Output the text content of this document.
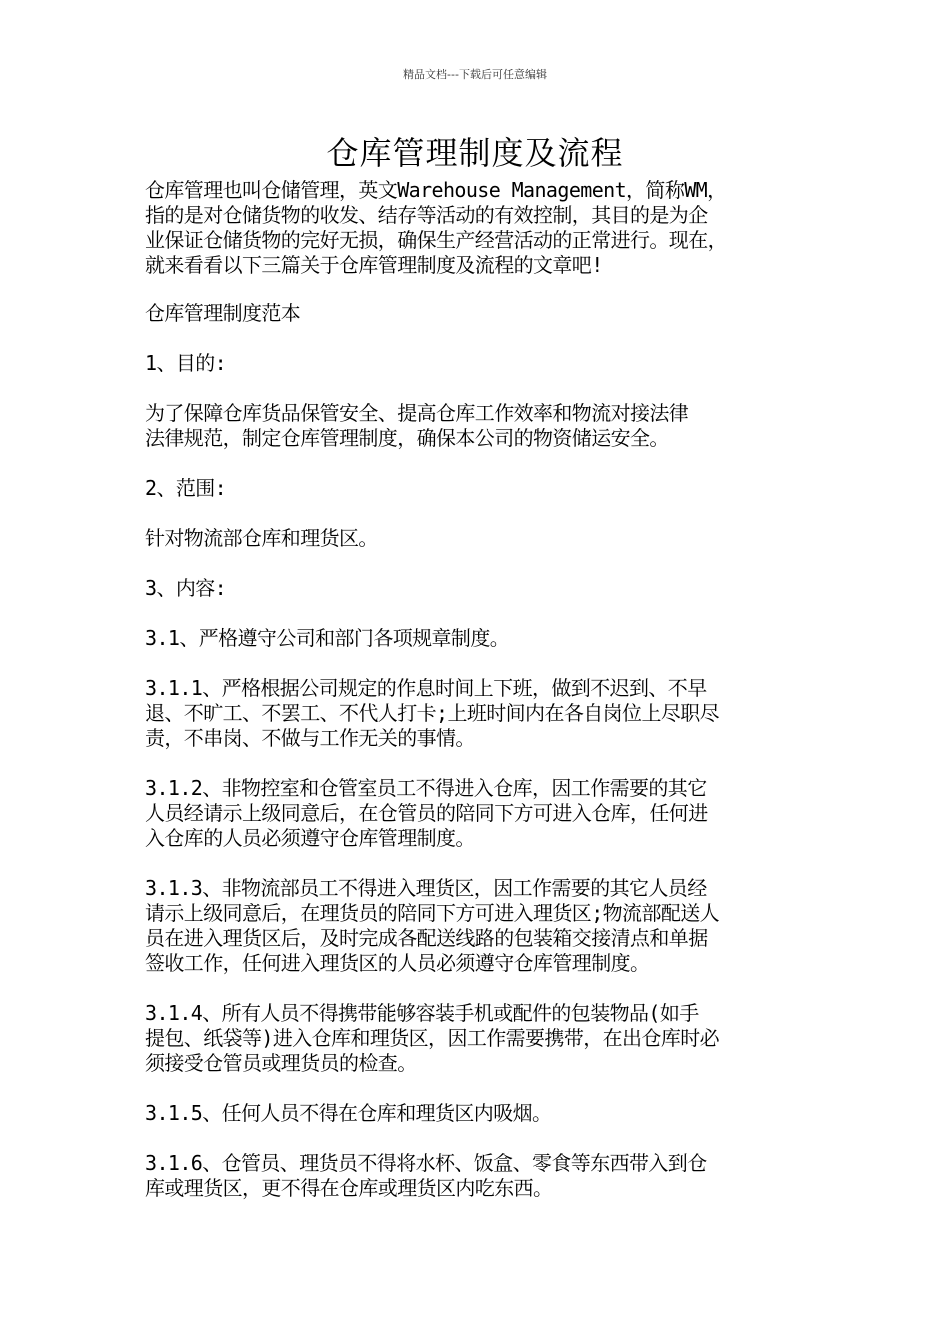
精品文档---下载后可任意编辑
仓库管理制度及流程
仓库管理也叫仓储管理，英文Warehouse Management，简称WM，
指的是对仓储货物的收发、结存等活动的有效控制，其目的是为企
业保证仓储货物的完好无损，确保生产经营活动的正常进行。现在，
就来看看以下三篇关于仓库管理制度及流程的文章吧!
仓库管理制度范本
1、目的:
为了保障仓库货品保管安全、提高仓库工作效率和物流对接法律
法律规范，制定仓库管理制度，确保本公司的物资储运安全。
2、范围:
针对物流部仓库和理货区。
3、内容:
3.1、严格遵守公司和部门各项规章制度。
3.1.1、严格根据公司规定的作息时间上下班，做到不迟到、不早
退、不旷工、不罢工、不代人打卡;上班时间内在各自岗位上尽职尽
责，不串岗、不做与工作无关的事情。
3.1.2、非物控室和仓管室员工不得进入仓库，因工作需要的其它
人员经请示上级同意后，在仓管员的陪同下方可进入仓库，任何进
入仓库的人员必须遵守仓库管理制度。
3.1.3、非物流部员工不得进入理货区，因工作需要的其它人员经
请示上级同意后，在理货员的陪同下方可进入理货区;物流部配送人
员在进入理货区后，及时完成各配送线路的包装箱交接清点和单据
签收工作，任何进入理货区的人员必须遵守仓库管理制度。
3.1.4、所有人员不得携带能够容装手机或配件的包装物品(如手
提包、纸袋等)进入仓库和理货区，因工作需要携带，在出仓库时必
须接受仓管员或理货员的检查。
3.1.5、任何人员不得在仓库和理货区内吸烟。
3.1.6、仓管员、理货员不得将水杯、饭盒、零食等东西带入到仓
库或理货区，更不得在仓库或理货区内吃东西。
